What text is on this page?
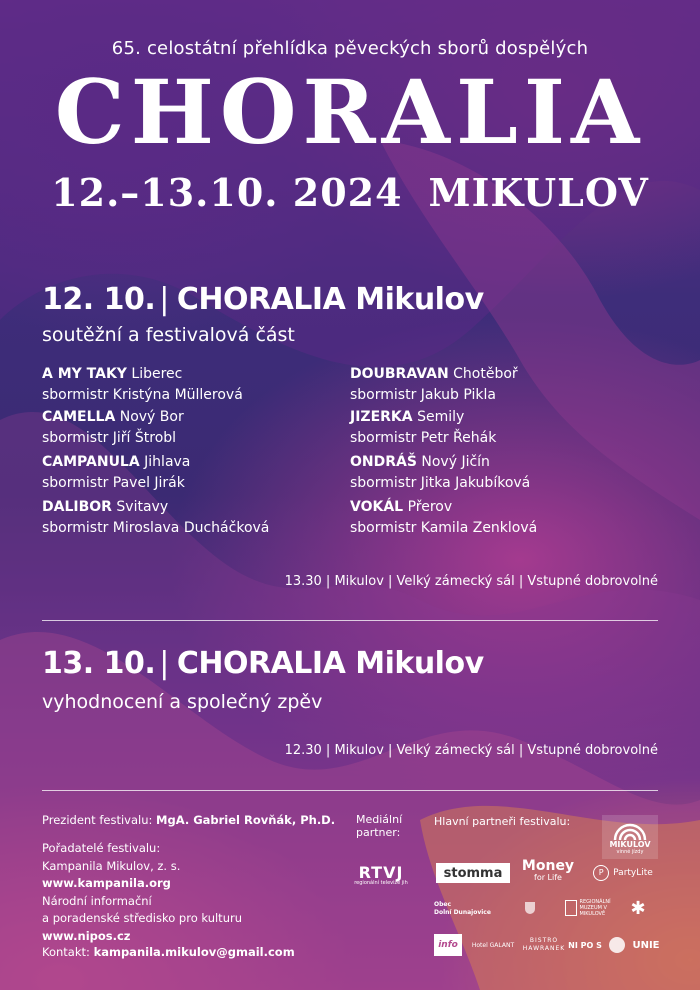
65. celostátní přehlídka pěveckých sborů dospělých
CHORALIA
12.–13.10. 2024 MIKULOV
12. 10. | CHORALIA Mikulov
soutěžní a festivalová část
A MY TAKY Liberec
sbormistr Kristýna Müllerová
CAMELLA Nový Bor
sbormistr Jiří Štrobl
CAMPANULA Jihlava
sbormistr Pavel Jirák
DALIBOR Svitavy
sbormistr Miroslava Ducháčková
DOUBRAVAN Chotěboř
sbormistr Jakub Pikla
JIZERKA Semily
sbormistr Petr Řehák
ONDRÁŠ Nový Jičín
sbormistr Jitka Jakubíková
VOKÁL Přerov
sbormistr Kamila Zenklová
13.30 | Mikulov | Velký zámecký sál | Vstupné dobrovolné
13. 10. | CHORALIA Mikulov
vyhodnocení a společný zpěv
12.30 | Mikulov | Velký zámecký sál | Vstupné dobrovolné
Prezident festivalu: MgA. Gabriel Rovňák, Ph.D.
Pořadatelé festivalu:
Kampanila Mikulov, z. s.
www.kampanila.org
Národní informační
a poradenské středisko pro kulturu
www.nipos.cz
Kontakt: kampanila.mikulov@gmail.com
Mediální
partner:
Hlavní partneři festivalu:
RTVJ
regionální televize jih
MIKULOV
vinné jízdy
stomma	Money
for Life
P	PartyLite
Obec
Dolní Dunajovice
REGIONÁLNÍ MUZEUM V MIKULOVĚ	✱
info	Hotel GALANT
BISTRO HAWRANEK NI PO S	UNIE
